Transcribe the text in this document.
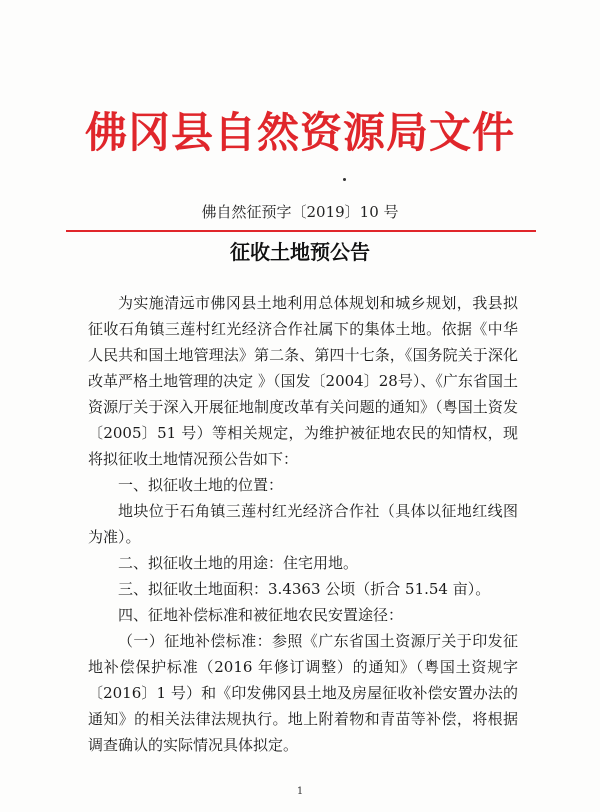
佛冈县自然资源局文件
佛自然征预字〔2019〕10 号
征收土地预公告

为实施清远市佛冈县土地利用总体规划和城乡规划，我县拟征收石角镇三莲村红光经济合作社属下的集体土地。依据《中华人民共和国土地管理法》第二条、第四十七条，《国务院关于深化改革严格土地管理的决定 》（国发〔2004〕28号）、《广东省国土资源厅关于深入开展征地制度改革有关问题的通知》（粤国土资发〔2005〕51 号）等相关规定，为维护被征地农民的知情权，现将拟征收土地情况预公告如下：

一、拟征收土地的位置：

地块位于石角镇三莲村红光经济合作社（具体以征地红线图为准）。

二、拟征收土地的用途：住宅用地。

三、拟征收土地面积：3.4363 公顷（折合 51.54 亩）。

四、征地补偿标准和被征地农民安置途径：

（一）征地补偿标准：参照《广东省国土资源厅关于印发征地补偿保护标准（2016 年修订调整）的通知》（粤国土资规字〔2016〕1 号）和《印发佛冈县土地及房屋征收补偿安置办法的通知》的相关法律法规执行。地上附着物和青苗等补偿，将根据调查确认的实际情况具体拟定。

1
